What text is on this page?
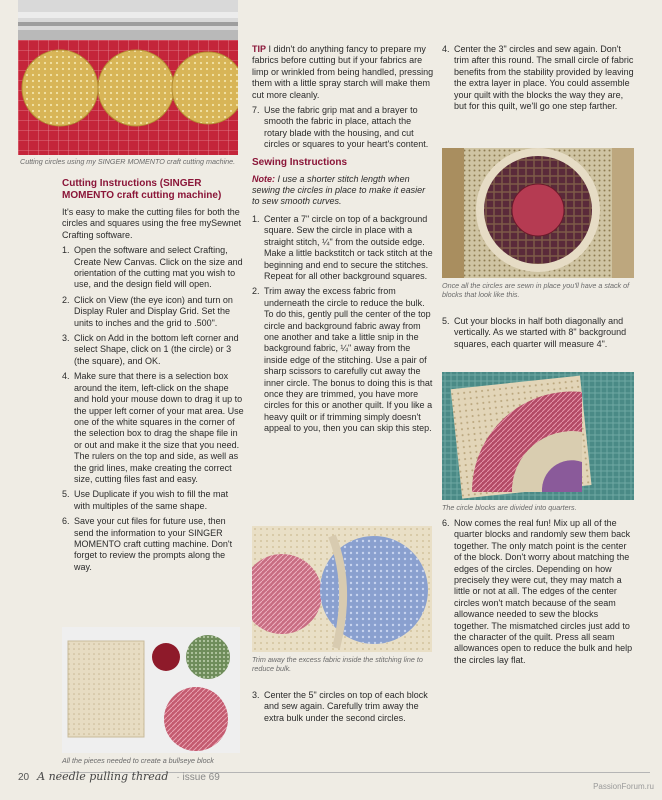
Cutting circles using my SINGER MOMENTO craft cutting machine.
Cutting Instructions (SINGER MOMENTO craft cutting machine)
It's easy to make the cutting files for both the circles and squares using the free mySewnet Crafting software.
1. Open the software and select Crafting, Create New Canvas. Click on the size and orientation of the cutting mat you wish to use, and the design field will open.
2. Click on View (the eye icon) and turn on Display Ruler and Display Grid. Set the units to inches and the grid to .500".
3. Click on Add in the bottom left corner and select Shape, click on 1 (the circle) or 3 (the square), and OK.
4. Make sure that there is a selection box around the item, left-click on the shape and hold your mouse down to drag it up to the upper left corner of your mat area. Use one of the white squares in the corner of the selection box to drag the shape file in or out and make it the size that you need. The rulers on the top and side, as well as the grid lines, make creating the correct size, cutting files fast and easy.
5. Use Duplicate if you wish to fill the mat with multiples of the same shape.
6. Save your cut files for future use, then send the information to your SINGER MOMENTO craft cutting machine. Don't forget to review the prompts along the way.
All the pieces needed to create a bullseye block
TIP I didn't do anything fancy to prepare my fabrics before cutting but if your fabrics are limp or wrinkled from being handled, pressing them with a little spray starch will make them cut more cleanly.
7. Use the fabric grip mat and a brayer to smooth the fabric in place, attach the rotary blade with the housing, and cut circles or squares to your heart's content.
Sewing Instructions
Note: I use a shorter stitch length when sewing the circles in place to make it easier to sew smooth curves.
1. Center a 7" circle on top of a background square. Sew the circle in place with a straight stitch, ¼" from the outside edge. Make a little backstitch or tack stitch at the beginning and end to secure the stitches. Repeat for all other background squares.
2. Trim away the excess fabric from underneath the circle to reduce the bulk. To do this, gently pull the center of the top circle and background fabric away from one another and take a little snip in the background fabric, ¼" away from the inside edge of the stitching. Use a pair of sharp scissors to carefully cut away the inner circle. The bonus to doing this is that once they are trimmed, you have more circles for this or another quilt. If you like a heavy quilt or if trimming simply doesn't appeal to you, then you can skip this step.
Trim away the excess fabric inside the stitching line to reduce bulk.
3. Center the 5" circles on top of each block and sew again. Carefully trim away the extra bulk under the second circles.
4. Center the 3" circles and sew again. Don't trim after this round. The small circle of fabric benefits from the stability provided by leaving the extra layer in place. You could assemble your quilt with the blocks the way they are, but for this quilt, we'll go one step farther.
Once all the circles are sewn in place you'll have a stack of blocks that look like this.
5. Cut your blocks in half both diagonally and vertically. As we started with 8" background squares, each quarter will measure 4".
The circle blocks are divided into quarters.
6. Now comes the real fun! Mix up all of the quarter blocks and randomly sew them back together. The only match point is the center of the block. Don't worry about matching the edges of the circles. Depending on how precisely they were cut, they may match a little or not at all. The edges of the center circles won't match because of the seam allowance needed to sew the blocks together. The mismatched circles just add to the character of the quilt. Press all seam allowances open to reduce the bulk and help the circles lay flat.
20 A needle pulling thread · issue 69
PassionForum.ru
